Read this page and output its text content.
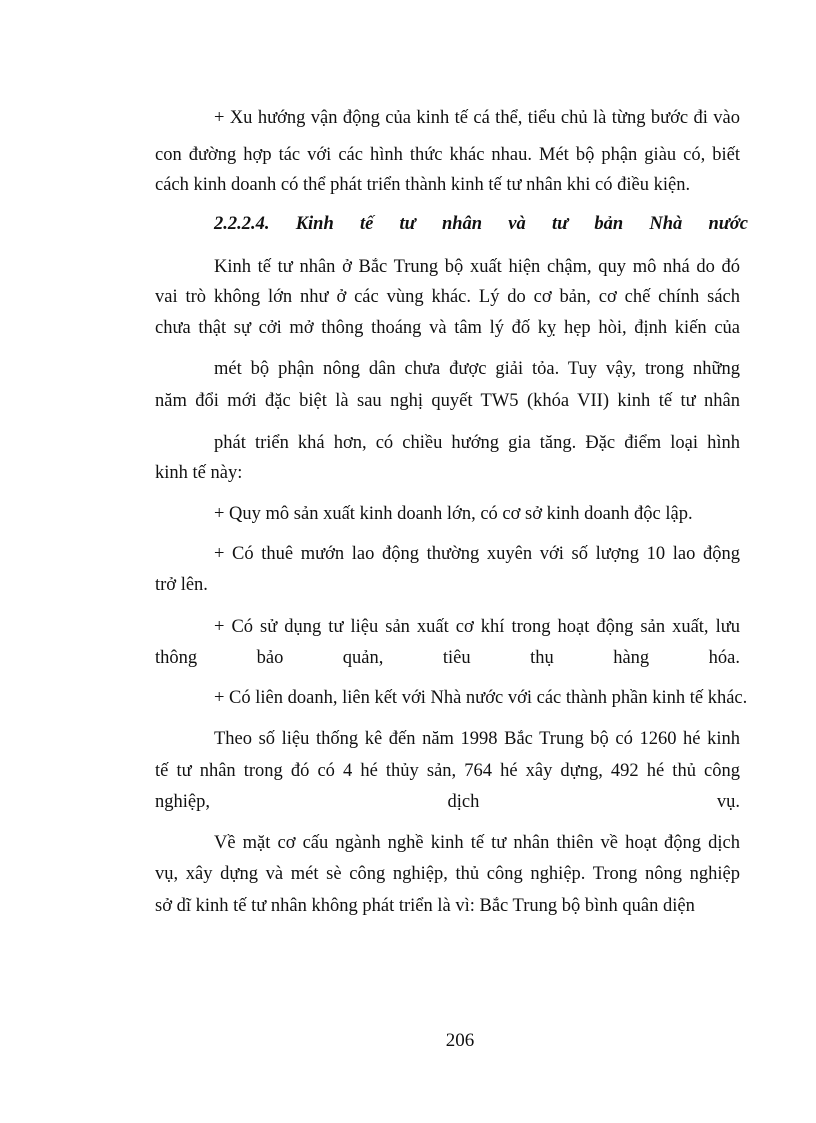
+ Xu hướng vận động của kinh tế cá thể, tiểu chủ là từng bước đi vào
con đường hợp tác với các hình thức khác nhau. Mét bộ phận giàu có, biết
cách kinh doanh có thể phát triển thành kinh tế tư nhân khi có điều kiện.
2.2.2.4. Kinh tế tư nhân và tư bản Nhà nước
Kinh tế tư nhân ở Bắc Trung bộ xuất hiện chậm, quy mô nhá do đó
vai trò không lớn như ở các vùng khác. Lý do cơ bản, cơ chế chính sách
chưa thật sự cởi mở thông thoáng và tâm lý đố kỵ hẹp hòi, định kiến của
mét bộ phận nông dân chưa được giải tỏa. Tuy vậy, trong những
năm đổi mới đặc biệt là sau nghị quyết TW5 (khóa VII) kinh tế tư nhân
phát triển khá hơn, có chiều hướng gia tăng. Đặc điểm loại hình
kinh tế này:
+ Quy mô sản xuất kinh doanh lớn, có cơ sở kinh doanh độc lập.
+ Có thuê mướn lao động thường xuyên với số lượng 10 lao động
trở lên.
+ Có sử dụng tư liệu sản xuất cơ khí trong hoạt động sản xuất, lưu
thông bảo quản, tiêu thụ hàng hóa.
+ Có liên doanh, liên kết với Nhà nước với các thành phần kinh tế khác.
Theo số liệu thống kê đến năm 1998 Bắc Trung bộ có 1260 hé kinh
tế tư nhân trong đó có 4 hé thủy sản, 764 hé xây dựng, 492 hé thủ công
nghiệp, dịch vụ.
Về mặt cơ cấu ngành nghề kinh tế tư nhân thiên về hoạt động dịch
vụ, xây dựng và mét sè công nghiệp, thủ công nghiệp. Trong nông nghiệp
sở dĩ kinh tế tư nhân không phát triển là vì: Bắc Trung bộ bình quân diện
206
